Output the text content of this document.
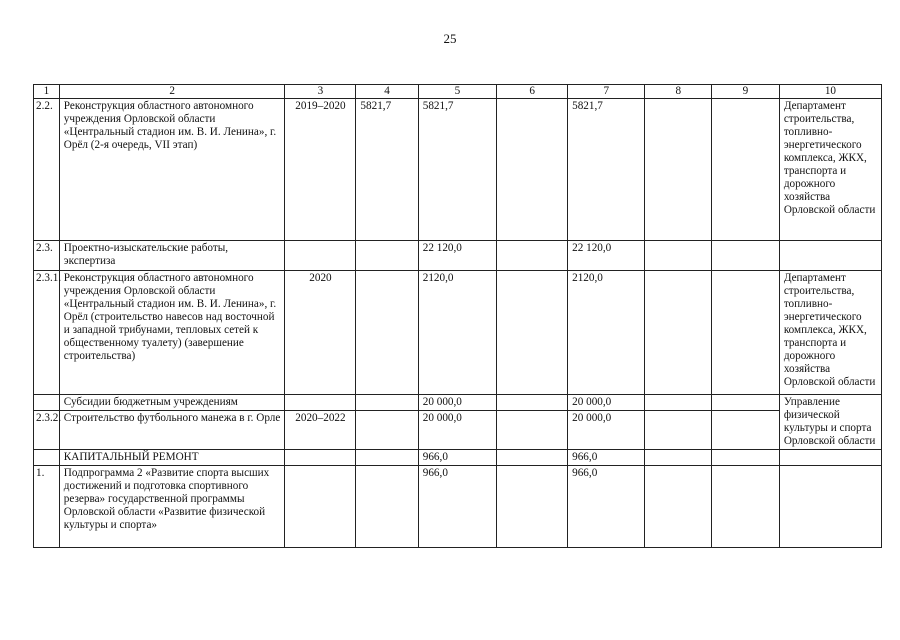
25
1	2	3	4	5	6	7	8	9	10
2.2.	Реконструкция областного автономного учреждения Орловской области «Центральный стадион им. В. И. Ленина», г. Орёл (2-я очередь, VII этап)	2019–2020	5821,7	5821,7		5821,7			Департамент строительства, топливно-энергетического комплекса, ЖКХ, транспорта и дорожного хозяйства Орловской области
2.3.	Проектно-изыскательские работы, экспертиза			22 120,0		22 120,0			
2.3.1.	Реконструкция областного автономного учреждения Орловской области «Центральный стадион им. В. И. Ленина», г. Орёл (строительство навесов над восточной и западной трибунами, тепловых сетей к общественному туалету) (завершение строительства)	2020		2120,0		2120,0			Департамент строительства, топливно-энергетического комплекса, ЖКХ, транспорта и дорожного хозяйства Орловской области
	Субсидии бюджетным учреждениям			20 000,0		20 000,0			Управление физической культуры и спорта Орловской области
2.3.2.	Строительство футбольного манежа в г. Орле	2020–2022		20 000,0		20 000,0			
	КАПИТАЛЬНЫЙ РЕМОНТ			966,0		966,0			
1.	Подпрограмма 2 «Развитие спорта высших достижений и подготовка спортивного резерва» государственной программы Орловской области «Развитие физической культуры и спорта»			966,0		966,0			
